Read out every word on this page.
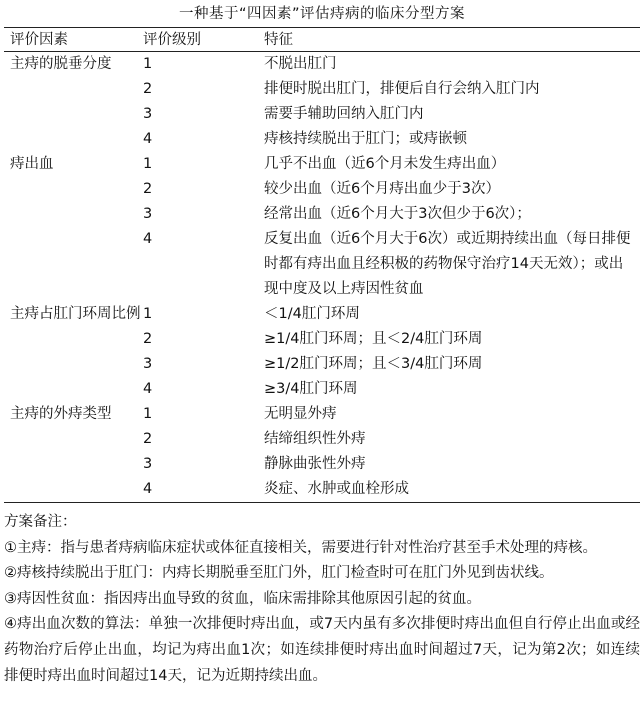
一种基于“四因素”评估痔病的临床分型方案
评价因素	评价级别	特征
主痔的脱垂分度	1	不脱出肛门
	2	排便时脱出肛门，排便后自行会纳入肛门内
	3	需要手辅助回纳入肛门内
	4	痔核持续脱出于肛门；或痔嵌顿
痔出血	1	几乎不出血（近6个月未发生痔出血）
	2	较少出血（近6个月痔出血少于3次）
	3	经常出血（近6个月大于3次但少于6次）；
	4	反复出血（近6个月大于6次）或近期持续出血（每日排便时都有痔出血且经积极的药物保守治疗14天无效）；或出现中度及以上痔因性贫血
主痔占肛门环周比例	1	＜1/4肛门环周
	2	≥1/4肛门环周；且＜2/4肛门环周
	3	≥1/2肛门环周；且＜3/4肛门环周
	4	≥3/4肛门环周
主痔的外痔类型	1	无明显外痔
	2	结缔组织性外痔
	3	静脉曲张性外痔
	4	炎症、水肿或血栓形成
方案备注：
①主痔：指与患者痔病临床症状或体征直接相关，需要进行针对性治疗甚至手术处理的痔核。
②痔核持续脱出于肛门：内痔长期脱垂至肛门外，肛门检查时可在肛门外见到齿状线。
③痔因性贫血：指因痔出血导致的贫血，临床需排除其他原因引起的贫血。
④痔出血次数的算法：单独一次排便时痔出血，或7天内虽有多次排便时痔出血但自行停止出血或经药物治疗后停止出血，均记为痔出血1次；如连续排便时痔出血时间超过7天，记为第2次；如连续排便时痔出血时间超过14天，记为近期持续出血。
